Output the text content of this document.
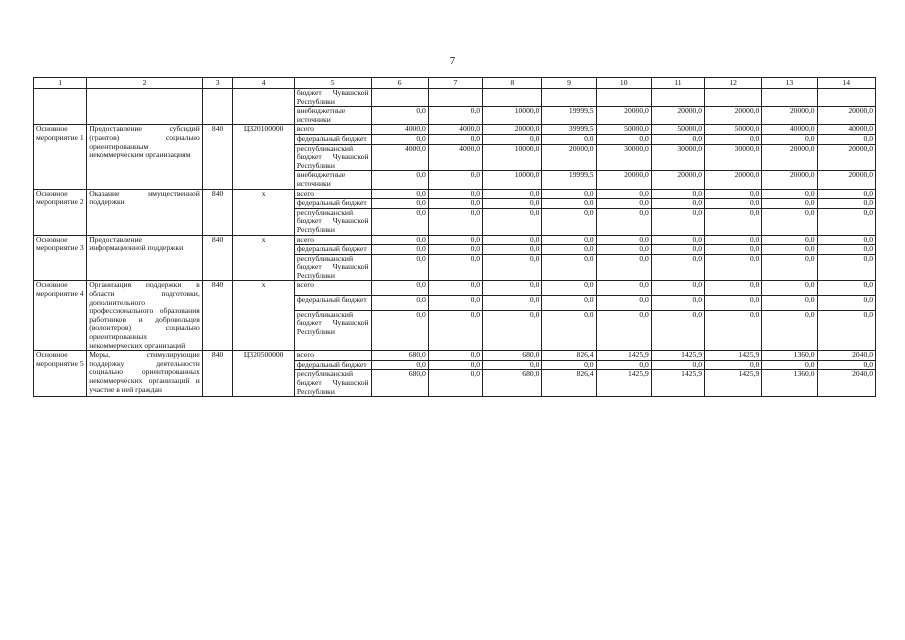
7
1	2	3	4	5	6	7	8	9	10	11	12	13	14
				бюджет Чувашской Республики									
				внебюджетные источники	0,0	0,0	10000,0	19999,5	20000,0	20000,0	20000,0	20000,0	20000,0
Основное мероприятие 1	Предоставление субсидий (грантов) социально ориентированным некоммерческим организациям	840	Ц320100000	всего	4000,0	4000,0	20000,0	39999,5	50000,0	50000,0	50000,0	40000,0	40000,0
				федеральный бюджет	0,0	0,0	0,0	0,0	0,0	0,0	0,0	0,0	0,0
				республиканский бюджет Чувашской Республики	4000,0	4000,0	10000,0	20000,0	30000,0	30000,0	30000,0	20000,0	20000,0
				внебюджетные источники	0,0	0,0	10000,0	19999,5	20000,0	20000,0	20000,0	20000,0	20000,0
Основное мероприятие 2	Оказание имущественной поддержки	840	х	всего	0,0	0,0	0,0	0,0	0,0	0,0	0,0	0,0	0,0
				федеральный бюджет	0,0	0,0	0,0	0,0	0,0	0,0	0,0	0,0	0,0
				республиканский бюджет Чувашской Республики	0,0	0,0	0,0	0,0	0,0	0,0	0,0	0,0	0,0
Основное мероприятие 3	Предоставление информационной поддержки	840	х	всего	0,0	0,0	0,0	0,0	0,0	0,0	0,0	0,0	0,0
				федеральный бюджет	0,0	0,0	0,0	0,0	0,0	0,0	0,0	0,0	0,0
				республиканский бюджет Чувашской Республики	0,0	0,0	0,0	0,0	0,0	0,0	0,0	0,0	0,0
Основное мероприятие 4	Организация поддержки в области подготовки, дополнительного профессионального образования работников и добровольцев (волонтеров) социально ориентированных некоммерческих организаций	840	х	всего	0,0	0,0	0,0	0,0	0,0	0,0	0,0	0,0	0,0
				федеральный бюджет	0,0	0,0	0,0	0,0	0,0	0,0	0,0	0,0	0,0
				республиканский бюджет Чувашской Республики	0,0	0,0	0,0	0,0	0,0	0,0	0,0	0,0	0,0
Основное мероприятие 5	Меры, стимулирующие поддержку деятельности социально ориентированных некоммерческих организаций и участие в ней граждан	840	Ц320500000	всего	680,0	0,0	680,0	826,4	1425,9	1425,9	1425,9	1360,0	2040,0
				федеральный бюджет	0,0	0,0	0,0	0,0	0,0	0,0	0,0	0,0	0,0
				республиканский бюджет Чувашской Республики	680,0	0,0	680,0	826,4	1425,9	1425,9	1425,9	1360,0	2040,0
